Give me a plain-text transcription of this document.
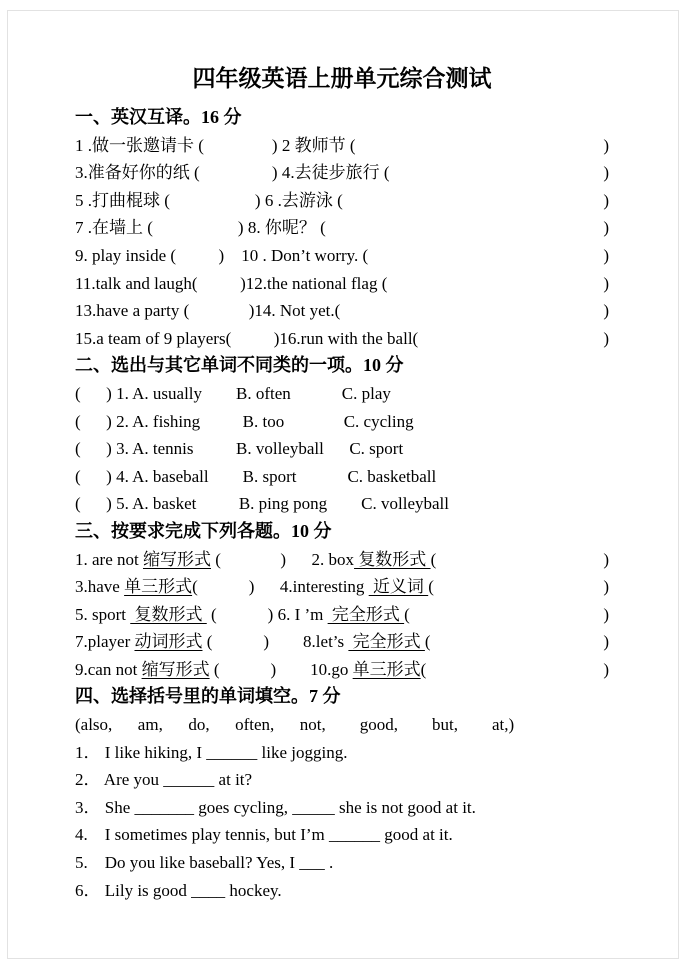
四年级英语上册单元综合测试
一、英汉互译。16 分
1 .做一张邀请卡 (                ) 2 教师节 (	)
3.准备好你的纸 (                 ) 4.去徒步旅行 (	)
5 .打曲棍球 (                    ) 6 .去游泳 (	)
7 .在墙上 (                    ) 8. 你呢？ (	)
9. play inside (          )    10 . Don’t worry. (	)
11.talk and laugh(          )12.the national flag (	)
13.have a party (              )14. Not yet.(	)
15.a team of 9 players(          )16.run with the ball(	)
二、选出与其它单词不同类的一项。10 分
(      ) 1. A. usually        B. often            C. play
(      ) 2. A. fishing          B. too              C. cycling
(      ) 3. A. tennis          B. volleyball      C. sport
(      ) 4. A. baseball        B. sport            C. basketball
(      ) 5. A. basket          B. ping pong        C. volleyball
三、按要求完成下列各题。10 分
1. are not 缩写形式 (              )      2. box 复数形式 (	)
3.have 单三形式(            )      4.interesting  近义词 (	)
5. sport  复数形式  (            ) 6. I ’m  完全形式 (	)
7.player 动词形式 (            )        8.let’s  完全形式 (	)
9.can not 缩写形式 (            )        10.go 单三形式(	)
四、选择括号里的单词填空。7 分
(also,      am,      do,      often,      not,        good,        but,        at,)
1． I like hiking, I ______ like jogging.
2． Are you ______ at it?
3． She _______ goes cycling, _____ she is not good at it.
4.    I sometimes play tennis, but I’m ______ good at it.
5.    Do you like baseball? Yes, I ___ .
6． Lily is good ____ hockey.
